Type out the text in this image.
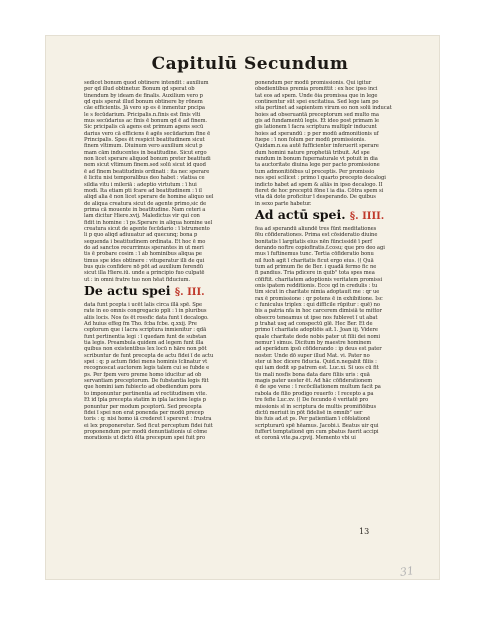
Capitulū Secundum
sedicet bonum quod obtinere intendit : auxilium
per qd illud obtinetur. Bonum qd sperat ob
tinendum by ideam de finalis. Auxilium vero p
qd quis sperat illud bonum obtinere by rōnem
cāe efficientis. Jā vero sp es ē inmentur pncipa
le s fecūdarium. Pricipalis.n.finis est finis vlti
mus secūdarius ac finis ē bonum qd ē ad finem.
Sic pricipalis cā agens est primum agens secū
darius vero cā efficiens ē agēs secūdarium fine ē
Principalis. Spes ēt respicit beatitudinem sicut
finem vltimum. Diuinum vero auxilium sicut p
mam cām inducentes in beatitudine. Sicut ergo
non licet sperare aliquod bonum preter beatitudi
nem sicut vltimum finem.sed solū sicut id quod
ē ad finem beatitudinis ordinati : ita nec sperare
ē licitu nisi temporalibus deo habet : vlatisa ce
sildia vitu i mileriā : adeptio virtutum : ī hui
modi. Ita etiam pti fcare ad beatitudinem : ī il
aliqd alia ē non licet sperare de homine aliquo uel
de aliqua creatura sicut de agente primo,sic de
prima cā mouente in beatitudine. Nam ceteri a
lam dicitur Hiere.xvij. Maledictus vir qui con
fidit in homine : ī ps.Sperare in aliqua homine uel
creatura sicut de agente fecūdario : ī īstrumento
li p quo aliqd adiuuatur ad quecunq; bona p
sequenda i beatitudinem ordinata. Et hoc ē mo
do ad sanctos recurrimus sperantes in ut meri
tis ē probare cosim : ī ab hominibus aliqua pe
timus spe ides obtinere : vituperatur illi de qui
bus quis confidere nō pōt ad auxilium ferendū
sicut illa Hiere.iū. unde a principio fuo culpatē
ut : in omni fratre tuo non hēat fiducium.
De actu spei §. III.
data funt pcepta i ucēt lalis circa illā spē. Spe
rate in eo omnis congregacio ppli : ī in pluribus
aliis locis. Nos ūs ēt rossfic data funt ī decalogo.
Ad huius effeg fm Tho. fcba fcbe. q.xxij. Pre
ceptorum que i lacra scriptura inmienitur : qdā
funt pertinentia legi : ī quedam funt de substan
tia legis. Preambula quidem ad legem funt illa
quibus non existentibus lex locū n hāre non pōt
scribuntur de funt precepta de actu fidei ī de actu
spei : q: p actum fidei mens hominis īclinatur vt
recognoscat auctorem legis talem cui se fubde e
ps. Per fpem vero preme homo iducitur ad ob
servantiam preceptorum. De fubstantia legis fūt
que homini iam fubiecto ad obediendum pora
to imponuntur pertinentia ad rectitudinem vite.
Et id īpla precepta statim in ipla lacione legis p
ponuntur per modum pceptorū. Sed precepta
fidei ī spei non erat ponenda per modū precep
toris : q: nisi homo iā crederet ī spereret : frustra
ei lex proponeretur. Sed ficut perceptum fidei fuit
proponendum per modū denuntiationis ul cōme
morationis ut dictū ēlta precepum spei fuit pro
ponendum per modū promissionis. Qui igitur
obedientibus premia promittit : ex hoc ipso inci
tat eos ad spem. Unde ōia promissa que in lege
continentur sūt spei excitatiua. Sed lege iam po
sita pertinet ad sapientem virum eo non solū inducat
hoies ad obseruantā preceptorum sed multo ma
gis ad fundamentū legis. Et ideo post primam le
gis lationem ī facra scriptura multiplr inducunt
hoies ad sperandū : p per modū admonitionis uf
fuepe : ī non folum per modū promissionis.
Quidam.n.ea autē fufficienter inferuerit sperare
dum homini nature prophetiā tribuit. Ad spe
randum in bonum fupernaturale vt potuit in dia
ta auctoritate diuina lege per pacto promissione
tum admonitiōibus ul preceptis. Per promissio
nes spei scilicet : primo ī quarto precepto decalogi
indicto habet ad spem & aliās in ipso decalogo. II
fieret de hoc preceptū fōne ī ia dia. Cōtra spem si
vita dā dote proficitur ī desperando. De quibus
in sexo parte habetur.
Ad actū spei. §. IIII.
fea ad sperandū aliundē tres fūnt meditationes
fēu cōfiderationes. Prima est cōsideratio diuine
bonitatis ī largitatis eius nēn fūncissidē ī perf
derando noftre copiofiratis.f.cosu; que pro deo agi
mus ī fuftinemus tunc. Tertia cōfideratio bonu
nil fuoh agit ī charitatis ficut ergo eius. (( Quā
tum ad primum fie de Ber. i quadā fermo fic ne
fi pandius. Tria pdicere in quib° tota spes mea
cōfiftit. charitatem adoptionis veritatem promissi
onis ipatem redditionis. Ecce qd in credulis : tu
tim sicut in charitate nimia adoptauit me : qr ue
rax ē promissione : qr potens ē in exhibitione. Isc
c funiculus triplex : qui difficile rūpitur : quē) no
bis a patria nfa in hoc carcerem dimisiā te mittor
obsecro teneamus ut ipse nos fublevet ī ut abat
p trahat usq ad conspectū glē. Hec Ber. Et de
primo ī charitate adoptiōis ait.1. Joan iij. Videre
quale charitate dede nobis pater ut filii dei nomi
nemur ī simus. Dicitum by maestre hominem
ad sperādum ipsū cōfiderando : ip deus est pater
noster. Unde dō super illud Mat. vi. Pater no
ster ui hoc dicere fiducia. Quid.n.negabit filiis :
qui iam dedit sp patrem est. Luc.xi. Si uos cū fit
tis mali nosfis bona data dare filiis uris : quā
magis pater uester ēt. Ad hāc cōfiderationem
ē de spe vene : ī recōciliationem multum facit pa
rabola de filio prodigo reuerfo : ī recepto a pa
tre fefie Luc.xv. (( De fecundo ē veritatē pro
missionis sī in scriptura de multis promifiōibus
dictū meriuit in pōt fidelisē in omnib° uer
bis fuis ad.et ps. Per patientiam ī cōfolationē
scripturarū spē hēamus. Jacobi.i. Beatus uir qui
fuffert temptationē qm cum pbatus fuerit accipi
et coronā vite.pa.cpvij. Memento vbi ui
13
31
